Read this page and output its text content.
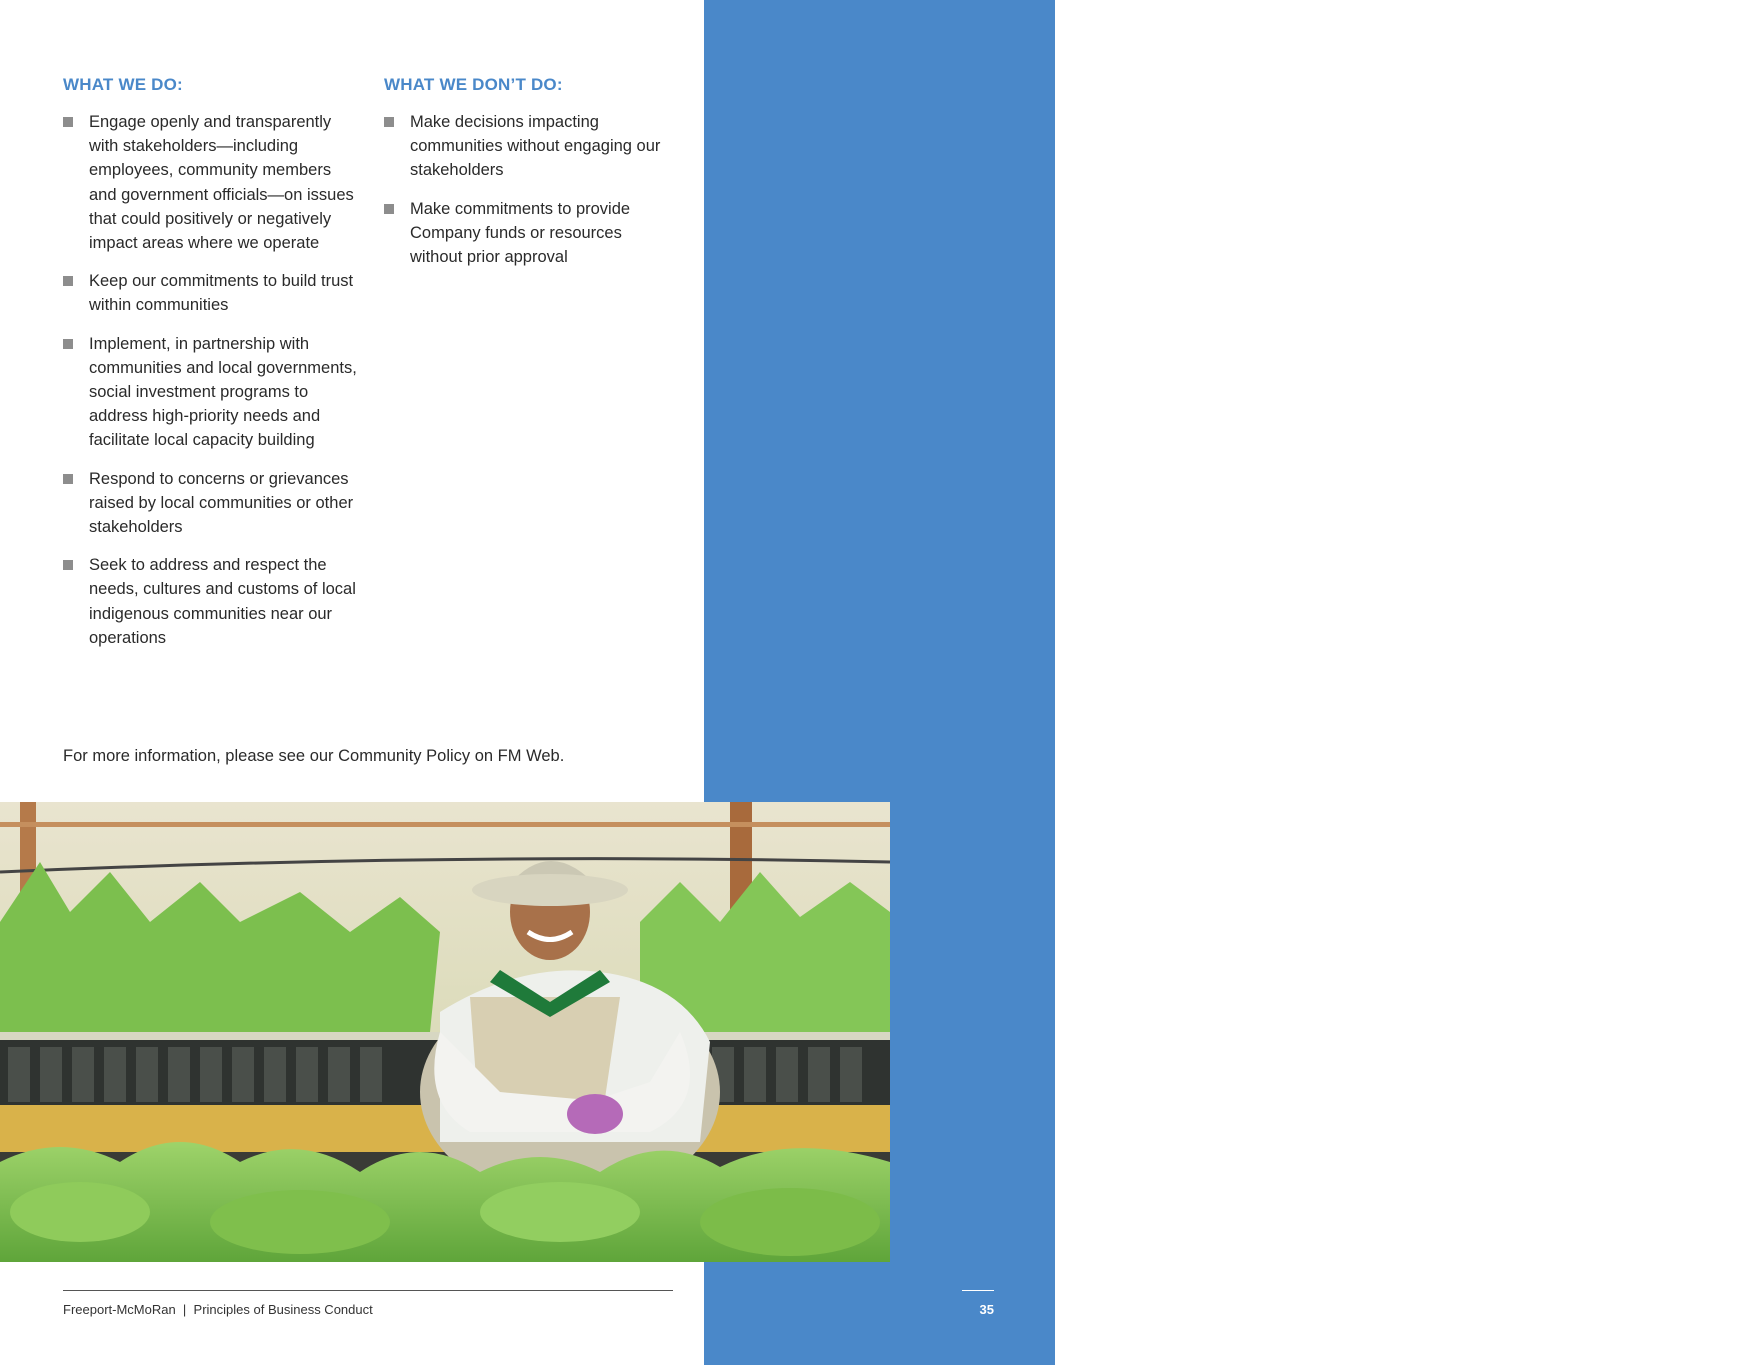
To be successful, we know we must proactively and openly engage stakeholders and work together to continuously improve.

WHAT WE DO:
Engage openly and transparently with stakeholders—including employees, community members and government officials—on issues that could positively or negatively impact areas where we operate
Keep our commitments to build trust within communities
Implement, in partnership with communities and local governments, social investment programs to address high-priority needs and facilitate local capacity building
Respond to concerns or grievances raised by local communities or other stakeholders
Seek to address and respect the needs, cultures and customs of local indigenous communities near our operations
WHAT WE DON’T DO:
Make decisions impacting communities without engaging our stakeholders
Make commitments to provide Company funds or resources without prior approval

For more information, please see our Community Policy on FM Web.

Freeport-McMoRan  |  Principles of Business Conduct	35
